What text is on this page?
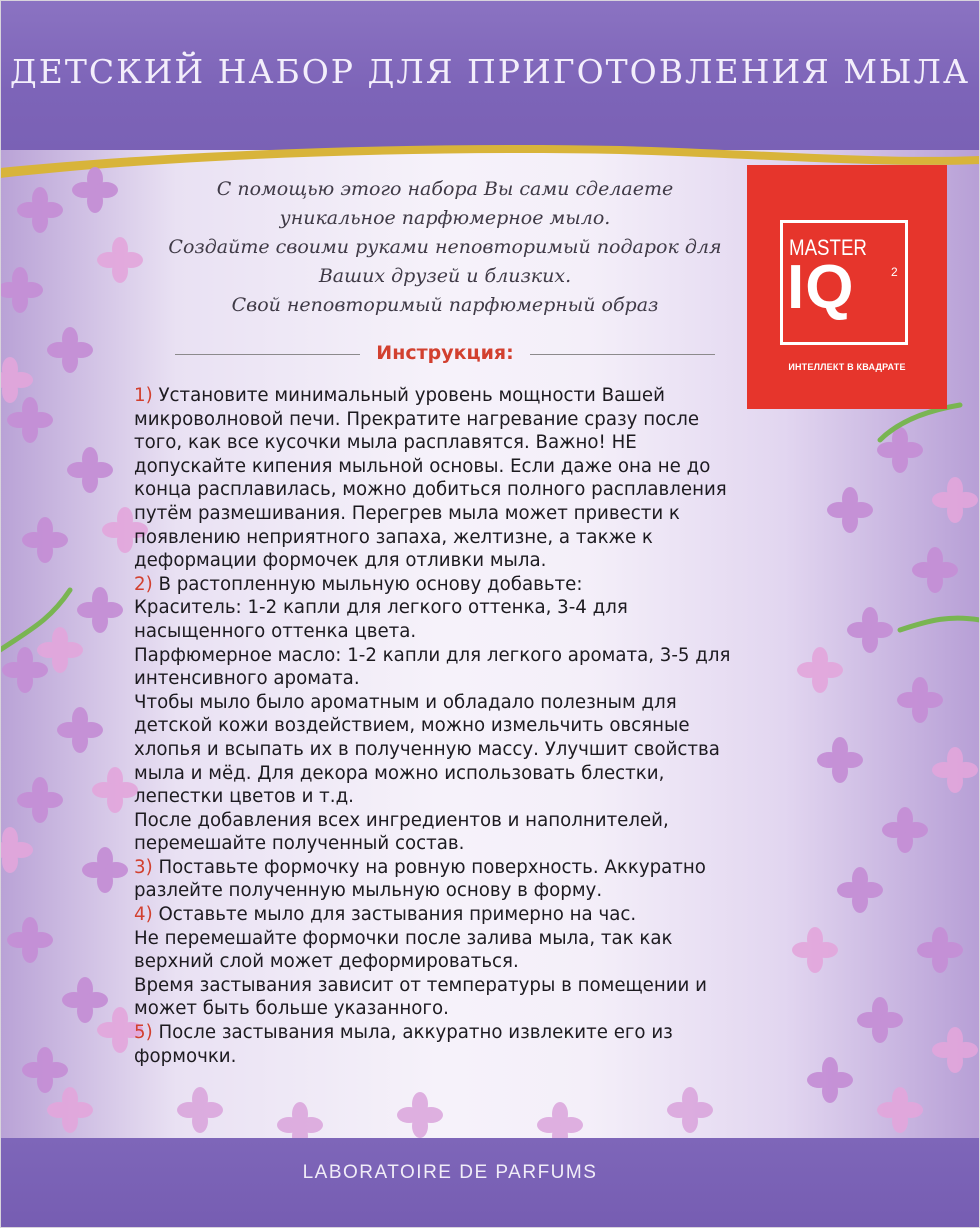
ДЕТСКИЙ НАБОР ДЛЯ ПРИГОТОВЛЕНИЯ МЫЛА
С помощью этого набора Вы сами сделаете
уникальное парфюмерное мыло.
Создайте своими руками неповторимый подарок для
Ваших друзей и близких.
Свой неповторимый парфюмерный образ
Инструкция:
1) Установите минимальный уровень мощности Вашей
микроволновой печи. Прекратите нагревание сразу после
того, как все кусочки мыла расплавятся. Важно! НЕ
допускайте кипения мыльной основы. Если даже она не до
конца расплавилась, можно добиться полного расплавления
путём размешивания. Перегрев мыла может привести к
появлению неприятного запаха, желтизне, а также к
деформации формочек для отливки мыла.
2) В растопленную мыльную основу добавьте:
Краситель: 1-2 капли для легкого оттенка, 3-4 для
насыщенного оттенка цвета.
Парфюмерное масло: 1-2 капли для легкого аромата, 3-5 для
интенсивного аромата.
Чтобы мыло было ароматным и обладало полезным для
детской кожи воздействием, можно измельчить овсяные
хлопья и всыпать их в полученную массу. Улучшит свойства
мыла и мёд. Для декора можно использовать блестки,
лепестки цветов и т.д.
После добавления всех ингредиентов и наполнителей,
перемешайте полученный состав.
3) Поставьте формочку на ровную поверхность. Аккуратно
разлейте полученную мыльную основу в форму.
4) Оставьте мыло для застывания примерно на час.
Не перемешайте формочки после залива мыла, так как
верхний слой может деформироваться.
Время застывания зависит от температуры в помещении и
может быть больше указанного.
5) После застывания мыла, аккуратно извлеките его из
формочки.
MASTER
IQ	2
ИНТЕЛЛЕКТ В КВАДРАТЕ
LABORATOIRE DE PARFUMS
